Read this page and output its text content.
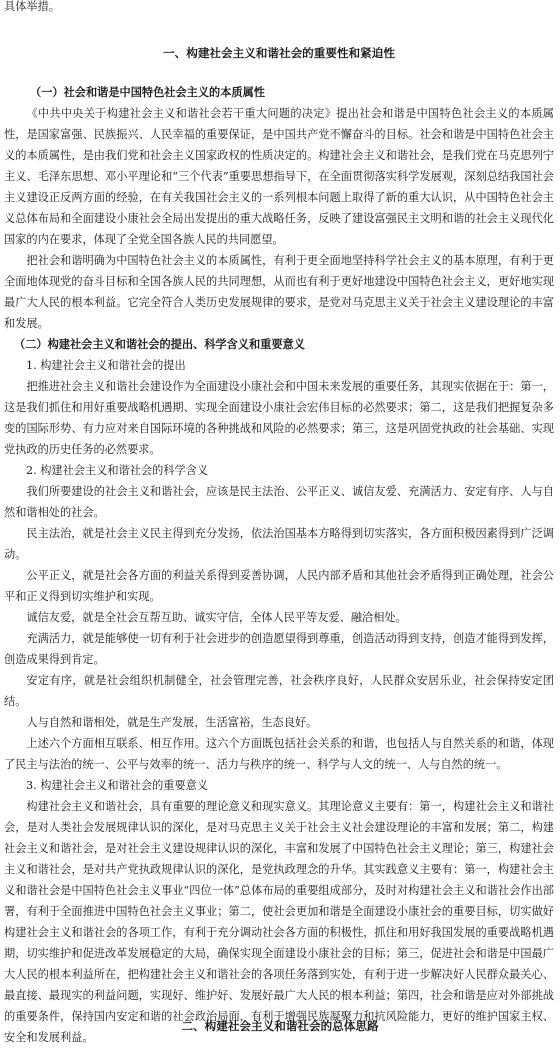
具体举措。

一、构建社会主义和谐社会的重要性和紧迫性
（一）社会和谐是中国特色社会主义的本质属性

《中共中央关于构建社会主义和谐社会若干重大问题的决定》提出社会和谐是中国特色社会主义的本质属性，是国家富强、民族振兴、人民幸福的重要保证，是中国共产党不懈奋斗的目标。社会和谐是中国特色社会主义的本质属性，是由我们党和社会主义国家政权的性质决定的。构建社会主义和谐社会，是我们党在马克思列宁主义、毛泽东思想、邓小平理论和“三个代表”重要思想指导下，在全面贯彻落实科学发展观，深刻总结我国社会主义建设正反两方面的经验，在有关我国社会主义的一系列根本问题上取得了新的重大认识，从中国特色社会主义总体布局和全面建设小康社会全局出发提出的重大战略任务，反映了建设富强民主文明和谐的社会主义现代化国家的内在要求，体现了全党全国各族人民的共同愿望。

把社会和谐明确为中国特色社会主义的本质属性，有利于更全面地坚持科学社会主义的基本原理，有利于更全面地体现党的奋斗目标和全国各族人民的共同理想，从而也有利于更好地建设中国特色社会主义，更好地实现最广大人民的根本利益。它完全符合人类历史发展规律的要求，是党对马克思主义关于社会主义建设理论的丰富和发展。

（二）构建社会主义和谐社会的提出、科学含义和重要意义
1. 构建社会主义和谐社会的提出

把推进社会主义和谐社会建设作为全面建设小康社会和中国未来发展的重要任务，其现实依据在于：第一，这是我们抓住和用好重要战略机遇期、实现全面建设小康社会宏伟目标的必然要求；第二，这是我们把握复杂多变的国际形势、有力应对来自国际环境的各种挑战和风险的必然要求；第三，这是巩固党执政的社会基础、实现党执政的历史任务的必然要求。

2. 构建社会主义和谐社会的科学含义

我们所要建设的社会主义和谐社会，应该是民主法治、公平正义、诚信友爱、充满活力、安定有序、人与自然和谐相处的社会。

民主法治，就是社会主义民主得到充分发扬，依法治国基本方略得到切实落实，各方面积极因素得到广泛调动。

公平正义，就是社会各方面的利益关系得到妥善协调，人民内部矛盾和其他社会矛盾得到正确处理，社会公平和正义得到切实维护和实现。

诚信友爱，就是全社会互帮互助、诚实守信，全体人民平等友爱、融洽相处。

充满活力，就是能够使一切有利于社会进步的创造愿望得到尊重，创造活动得到支持，创造才能得到发挥，创造成果得到肯定。

安定有序，就是社会组织机制健全，社会管理完善，社会秩序良好，人民群众安居乐业，社会保持安定团结。

人与自然和谐相处，就是生产发展，生活富裕，生态良好。

上述六个方面相互联系、相互作用。这六个方面既包括社会关系的和谐，也包括人与自然关系的和谐，体现了民主与法治的统一、公平与效率的统一、活力与秩序的统一、科学与人文的统一、人与自然的统一。

3. 构建社会主义和谐社会的重要意义

构建社会主义和谐社会，具有重要的理论意义和现实意义。其理论意义主要有：第一，构建社会主义和谐社会，是对人类社会发展规律认识的深化，是对马克思主义关于社会主义社会建设理论的丰富和发展；第二，构建社会主义和谐社会，是对社会主义建设规律认识的深化，丰富和发展了中国特色社会主义理论；第三，构建社会主义和谐社会，是对共产党执政规律认识的深化，是党执政理念的升华。其实践意义主要有：第一，构建社会主义和谐社会是中国特色社会主义事业“四位一体”总体布局的重要组成部分，及时对构建社会主义和谐社会作出部署，有利于全面推进中国特色社会主义事业；第二，使社会更加和谐是全面建设小康社会的重要目标，切实做好构建社会主义和谐社会的各项工作，有利于充分调动社会各方面的积极性，抓住和用好我国发展的重要战略机遇期，切实维护和促进改革发展稳定的大局，确保实现全面建设小康社会的目标；第三，促进社会和谐是中国最广大人民的根本利益所在，把构建社会主义和谐社会的各项任务落到实处，有利于进一步解决好人民群众最关心、最直接、最现实的利益问题，实现好、维护好、发展好最广大人民的根本利益；第四，社会和谐是应对外部挑战的重要条件，保持国内安定和谐的社会政治局面，有利于增强民族凝聚力和抗风险能力，更好的维护国家主权、安全和发展利益。

二、构建社会主义和谐社会的总体思路
